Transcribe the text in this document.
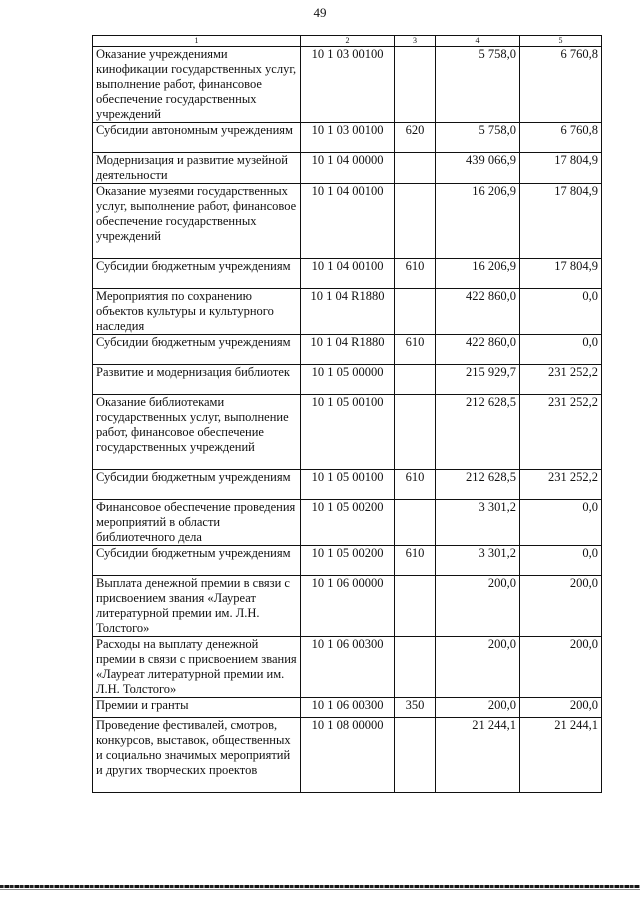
49
1	2	3	4	5
Оказание учреждениями кинофикации государственных услуг, выполнение работ, финансовое обеспечение государственных учреждений	10 1 03 00100		5 758,0	6 760,8
Субсидии автономным учреждениям	10 1 03 00100	620	5 758,0	6 760,8
Модернизация и развитие музейной деятельности	10 1 04 00000		439 066,9	17 804,9
Оказание музеями государственных услуг, выполнение работ, финансовое обеспечение государственных учреждений	10 1 04 00100		16 206,9	17 804,9
Субсидии бюджетным учреждениям	10 1 04 00100	610	16 206,9	17 804,9
Мероприятия по сохранению объектов культуры и культурного наследия	10 1 04 R1880		422 860,0	0,0
Субсидии бюджетным учреждениям	10 1 04 R1880	610	422 860,0	0,0
Развитие и модернизация библиотек	10 1 05 00000		215 929,7	231 252,2
Оказание библиотеками государственных услуг, выполнение работ, финансовое обеспечение государственных учреждений	10 1 05 00100		212 628,5	231 252,2
Субсидии бюджетным учреждениям	10 1 05 00100	610	212 628,5	231 252,2
Финансовое обеспечение проведения мероприятий в области библиотечного дела	10 1 05 00200		3 301,2	0,0
Субсидии бюджетным учреждениям	10 1 05 00200	610	3 301,2	0,0
Выплата денежной премии в связи с присвоением звания «Лауреат литературной премии им. Л.Н. Толстого»	10 1 06 00000		200,0	200,0
Расходы на выплату денежной премии в связи с присвоением звания «Лауреат литературной премии им. Л.Н. Толстого»	10 1 06 00300		200,0	200,0
Премии и гранты	10 1 06 00300	350	200,0	200,0
Проведение фестивалей, смотров, конкурсов, выставок, общественных и социально значимых мероприятий и других творческих проектов	10 1 08 00000		21 244,1	21 244,1
